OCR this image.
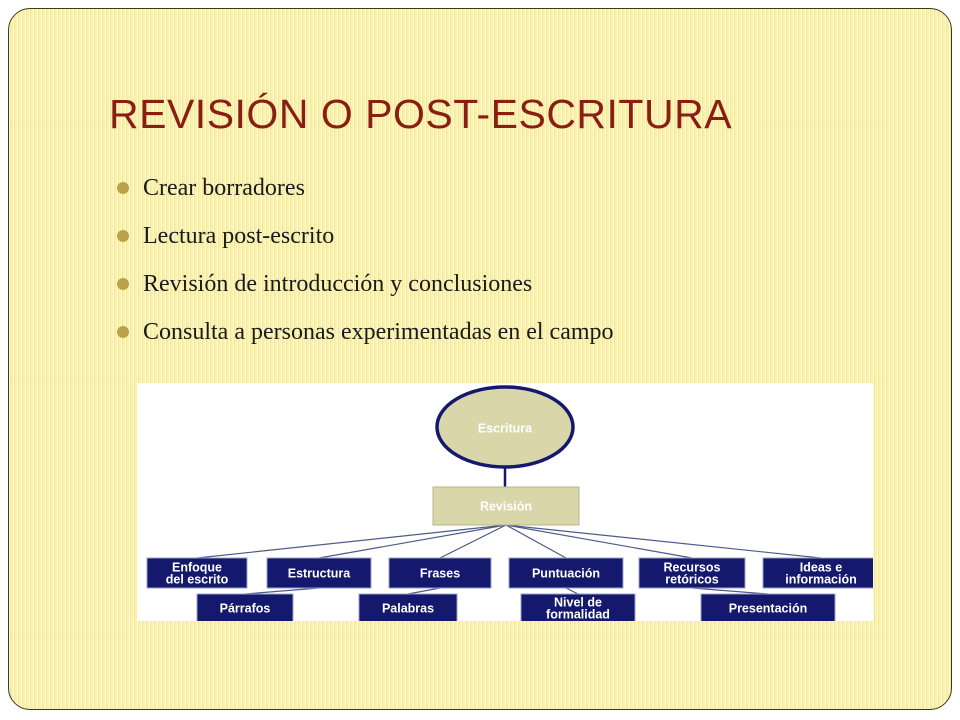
REVISIÓN O POST-ESCRITURA
Crear borradores
Lectura post-escrito
Revisión de introducción y conclusiones
Consulta a personas experimentadas en el campo
Escritura
Revisión
Enfoque del escrito	Estructura	Frases	Puntuación	Recursos retóricos
Ideas e información
Párrafos	Palabras	Nivel de formalidad	Presentación
